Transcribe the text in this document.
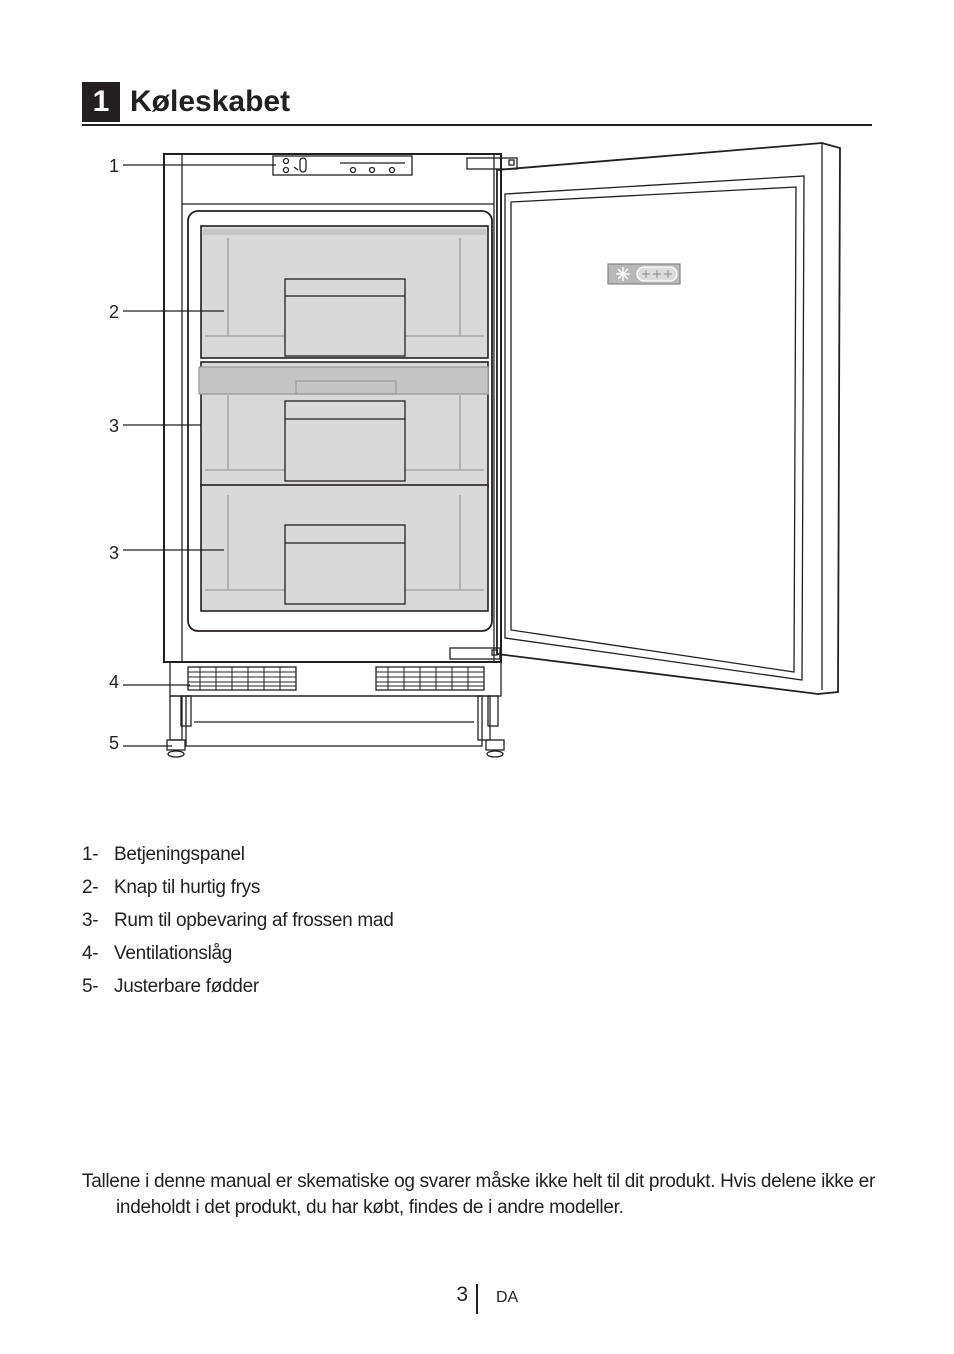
1 Køleskabet
1
2
3
3
4
5
1- Betjeningspanel
2- Knap til hurtig frys
3- Rum til opbevaring af frossen mad
4- Ventilationslåg
5- Justerbare fødder

Tallene i denne manual er skematiske og svarer måske ikke helt til dit produkt. Hvis delene ikke er indeholdt i det produkt, du har købt, findes de i andre modeller.

3 DA
